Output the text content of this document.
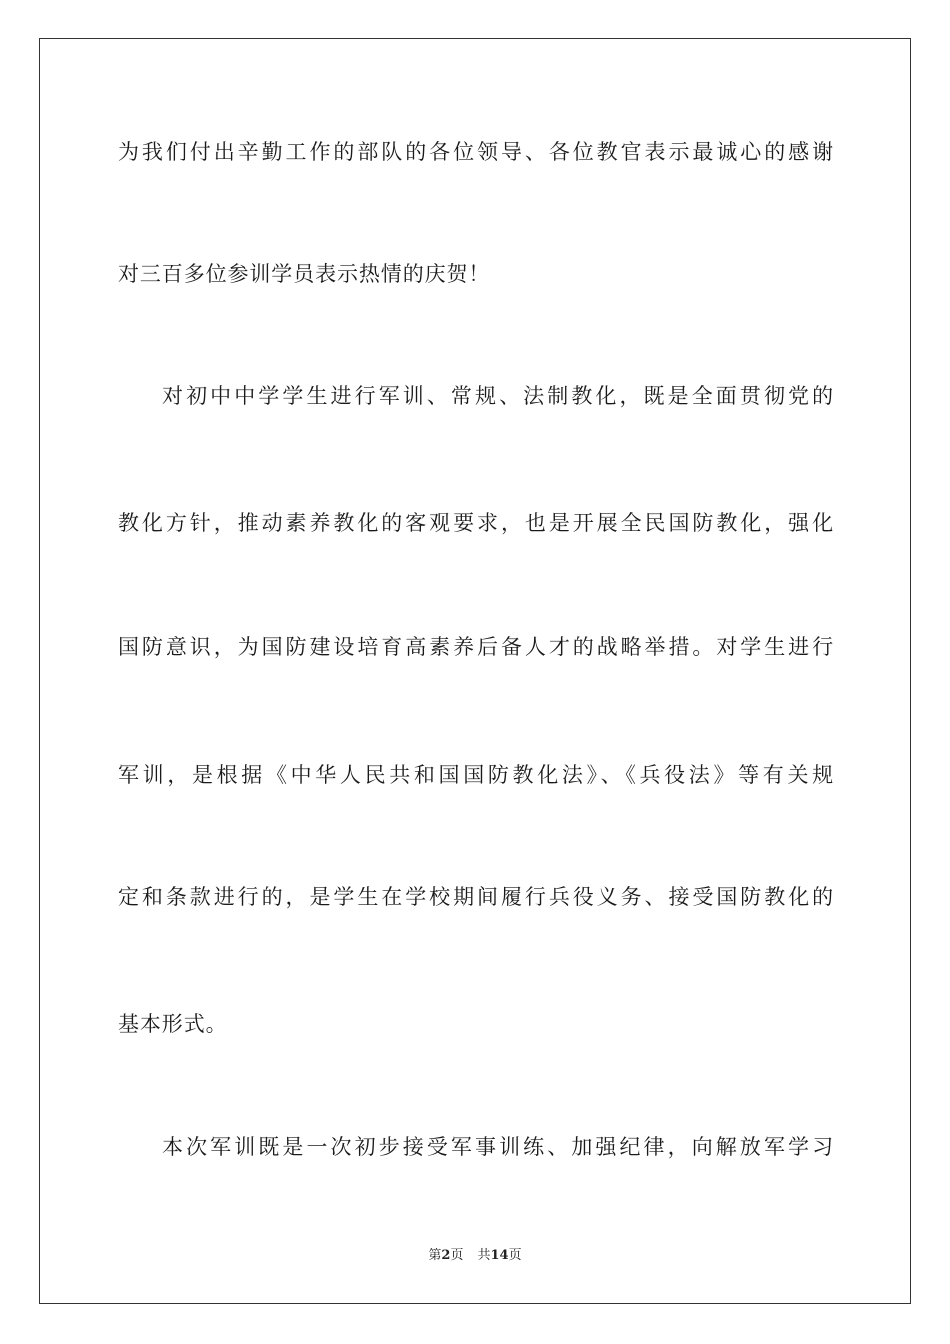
为我们付出辛勤工作的部队的各位领导、各位教官表示最诚心的感谢
对三百多位参训学员表示热情的庆贺！
对初中中学学生进行军训、常规、法制教化，既是全面贯彻党的
教化方针，推动素养教化的客观要求，也是开展全民国防教化，强化
国防意识，为国防建设培育高素养后备人才的战略举措。对学生进行
军训，是根据《中华人民共和国国防教化法》、《兵役法》等有关规
定和条款进行的，是学生在学校期间履行兵役义务、接受国防教化的
基本形式。
本次军训既是一次初步接受军事训练、加强纪律，向解放军学习
第2页 共14页
